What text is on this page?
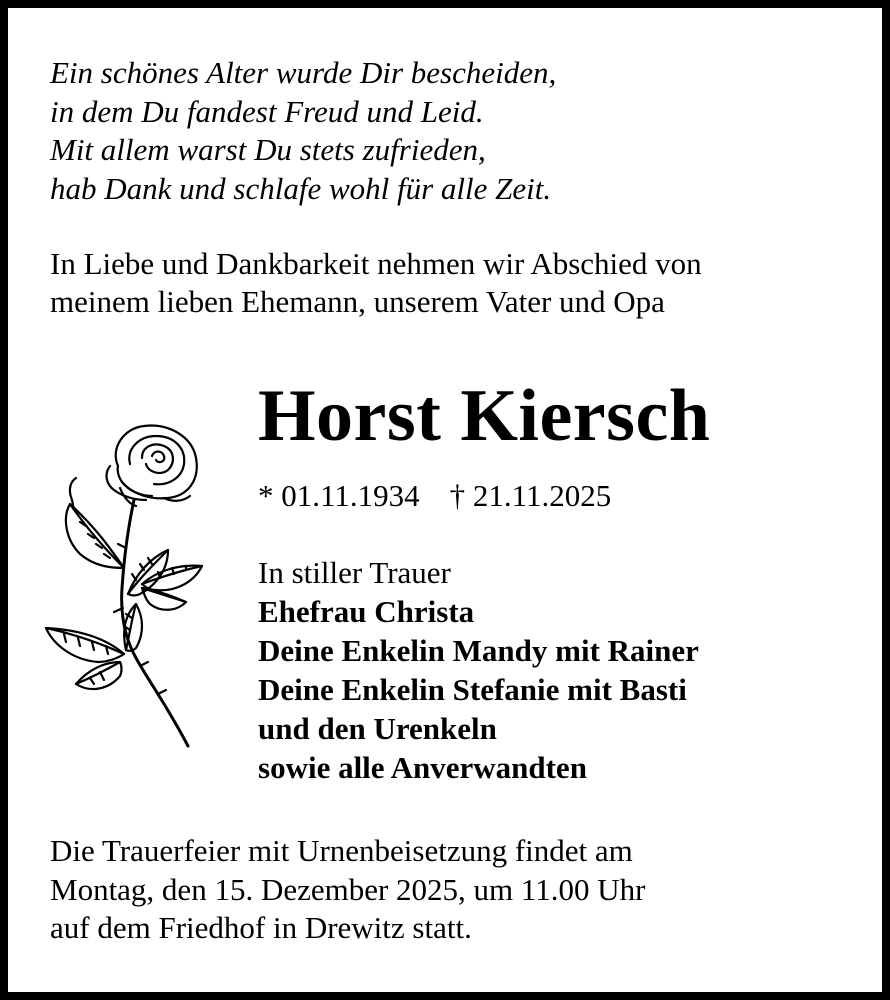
Ein schönes Alter wurde Dir bescheiden,
in dem Du fandest Freud und Leid.
Mit allem warst Du stets zufrieden,
hab Dank und schlafe wohl für alle Zeit.
In Liebe und Dankbarkeit nehmen wir Abschied von
meinem lieben Ehemann, unserem Vater und Opa
Horst Kiersch
* 01.11.1934 † 21.11.2025
In stiller Trauer
Ehefrau Christa
Deine Enkelin Mandy mit Rainer
Deine Enkelin Stefanie mit Basti
und den Urenkeln
sowie alle Anverwandten
Die Trauerfeier mit Urnenbeisetzung findet am
Montag, den 15. Dezember 2025, um 11.00 Uhr
auf dem Friedhof in Drewitz statt.
